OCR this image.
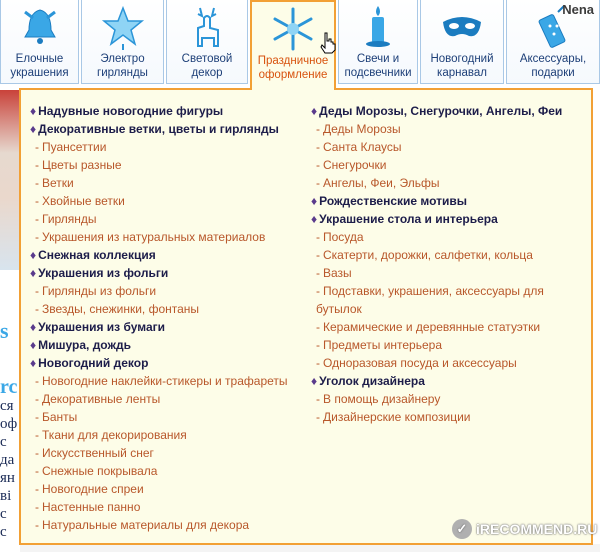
s
rc
ся
оф
с
да
ян
ві
с
с
Елочные украшения
Электро гирлянды
Световой декор
Праздничное оформление
Свечи и подсвечники
Новогодний карнавал
Аксессуары, подарки
Nena
♦ Надувные новогодние фигуры
♦ Декоративные ветки, цветы и гирлянды
- Пуансеттии
- Цветы разные
- Ветки
- Хвойные ветки
- Гирлянды
- Украшения из натуральных материалов
♦ Снежная коллекция
♦ Украшения из фольги
- Гирлянды из фольги
- Звезды, снежинки, фонтаны
♦ Украшения из бумаги
♦ Мишура, дождь
♦ Новогодний декор
- Новогодние наклейки-стикеры и трафареты
- Декоративные ленты
- Банты
- Ткани для декорирования
- Искусственный снег
- Снежные покрывала
- Новогодние спреи
- Настенные панно
- Натуральные материалы для декора
♦ Деды Морозы, Снегурочки, Ангелы, Феи
- Деды Морозы
- Санта Клаусы
- Снегурочки
- Ангелы, Феи, Эльфы
♦ Рождественские мотивы
♦ Украшение стола и интерьера
- Посуда
- Скатерти, дорожки, салфетки, кольца
- Вазы
- Подставки, украшения, аксессуары для бутылок
- Керамические и деревянные статуэтки
- Предметы интерьера
- Одноразовая посуда и аксессуары
♦ Уголок дизайнера
- В помощь дизайнеру
- Дизайнерские композиции
✓ iRECOMMEND.RU
